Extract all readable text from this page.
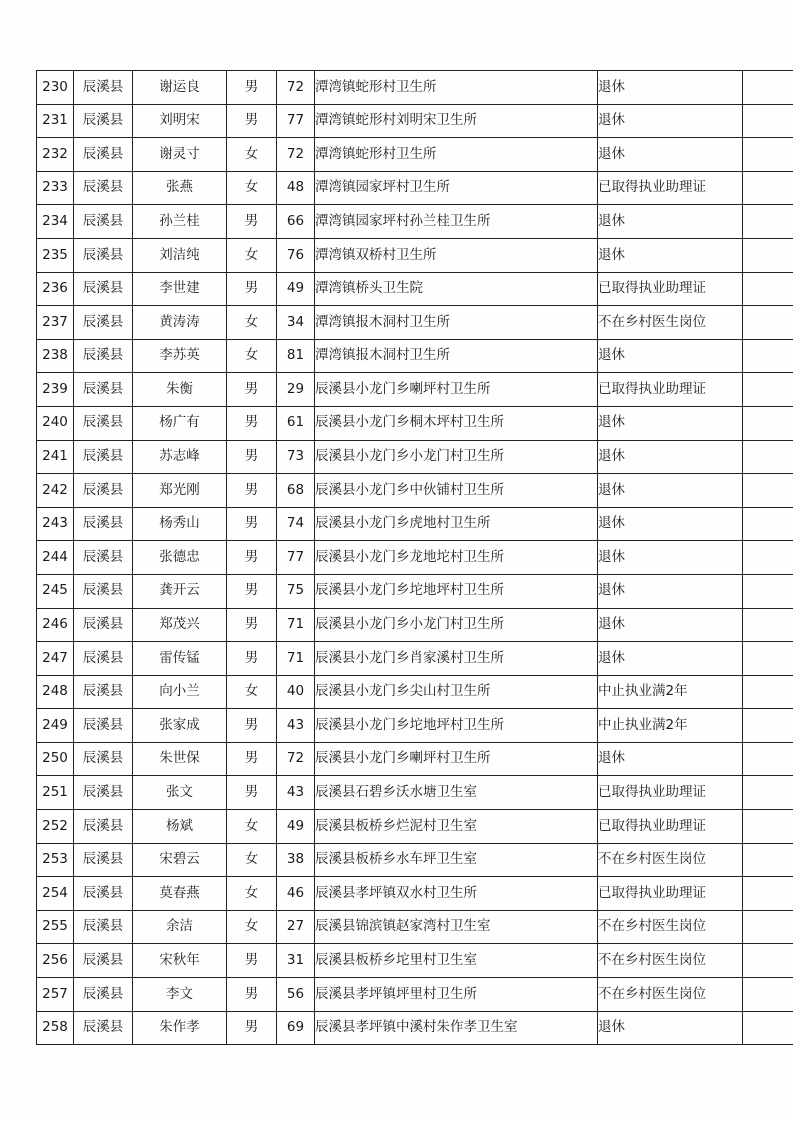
230	辰溪县	谢运良	男	72	潭湾镇蛇形村卫生所	退休	
231	辰溪县	刘明宋	男	77	潭湾镇蛇形村刘明宋卫生所	退休	
232	辰溪县	谢灵寸	女	72	潭湾镇蛇形村卫生所	退休	
233	辰溪县	张燕	女	48	潭湾镇园家坪村卫生所	已取得执业助理证	
234	辰溪县	孙兰桂	男	66	潭湾镇园家坪村孙兰桂卫生所	退休	
235	辰溪县	刘洁纯	女	76	潭湾镇双桥村卫生所	退休	
236	辰溪县	李世建	男	49	潭湾镇桥头卫生院	已取得执业助理证	
237	辰溪县	黄涛涛	女	34	潭湾镇报木洞村卫生所	不在乡村医生岗位	
238	辰溪县	李苏英	女	81	潭湾镇报木洞村卫生所	退休	
239	辰溪县	朱衡	男	29	辰溪县小龙门乡喇坪村卫生所	已取得执业助理证	
240	辰溪县	杨广有	男	61	辰溪县小龙门乡桐木坪村卫生所	退休	
241	辰溪县	苏志峰	男	73	辰溪县小龙门乡小龙门村卫生所	退休	
242	辰溪县	郑光刚	男	68	辰溪县小龙门乡中伙铺村卫生所	退休	
243	辰溪县	杨秀山	男	74	辰溪县小龙门乡虎地村卫生所	退休	
244	辰溪县	张德忠	男	77	辰溪县小龙门乡龙地坨村卫生所	退休	
245	辰溪县	龚开云	男	75	辰溪县小龙门乡坨地坪村卫生所	退休	
246	辰溪县	郑茂兴	男	71	辰溪县小龙门乡小龙门村卫生所	退休	
247	辰溪县	雷传锰	男	71	辰溪县小龙门乡肖家溪村卫生所	退休	
248	辰溪县	向小兰	女	40	辰溪县小龙门乡尖山村卫生所	中止执业满2年	
249	辰溪县	张家成	男	43	辰溪县小龙门乡坨地坪村卫生所	中止执业满2年	
250	辰溪县	朱世保	男	72	辰溪县小龙门乡喇坪村卫生所	退休	
251	辰溪县	张文	男	43	辰溪县石碧乡沃水塘卫生室	已取得执业助理证	
252	辰溪县	杨斌	女	49	辰溪县板桥乡烂泥村卫生室	已取得执业助理证	
253	辰溪县	宋碧云	女	38	辰溪县板桥乡水车坪卫生室	不在乡村医生岗位	
254	辰溪县	莫春燕	女	46	辰溪县孝坪镇双水村卫生所	已取得执业助理证	
255	辰溪县	余洁	女	27	辰溪县锦滨镇赵家湾村卫生室	不在乡村医生岗位	
256	辰溪县	宋秋年	男	31	辰溪县板桥乡坨里村卫生室	不在乡村医生岗位	
257	辰溪县	李文	男	56	辰溪县孝坪镇坪里村卫生所	不在乡村医生岗位	
258	辰溪县	朱作孝	男	69	辰溪县孝坪镇中溪村朱作孝卫生室	退休	
